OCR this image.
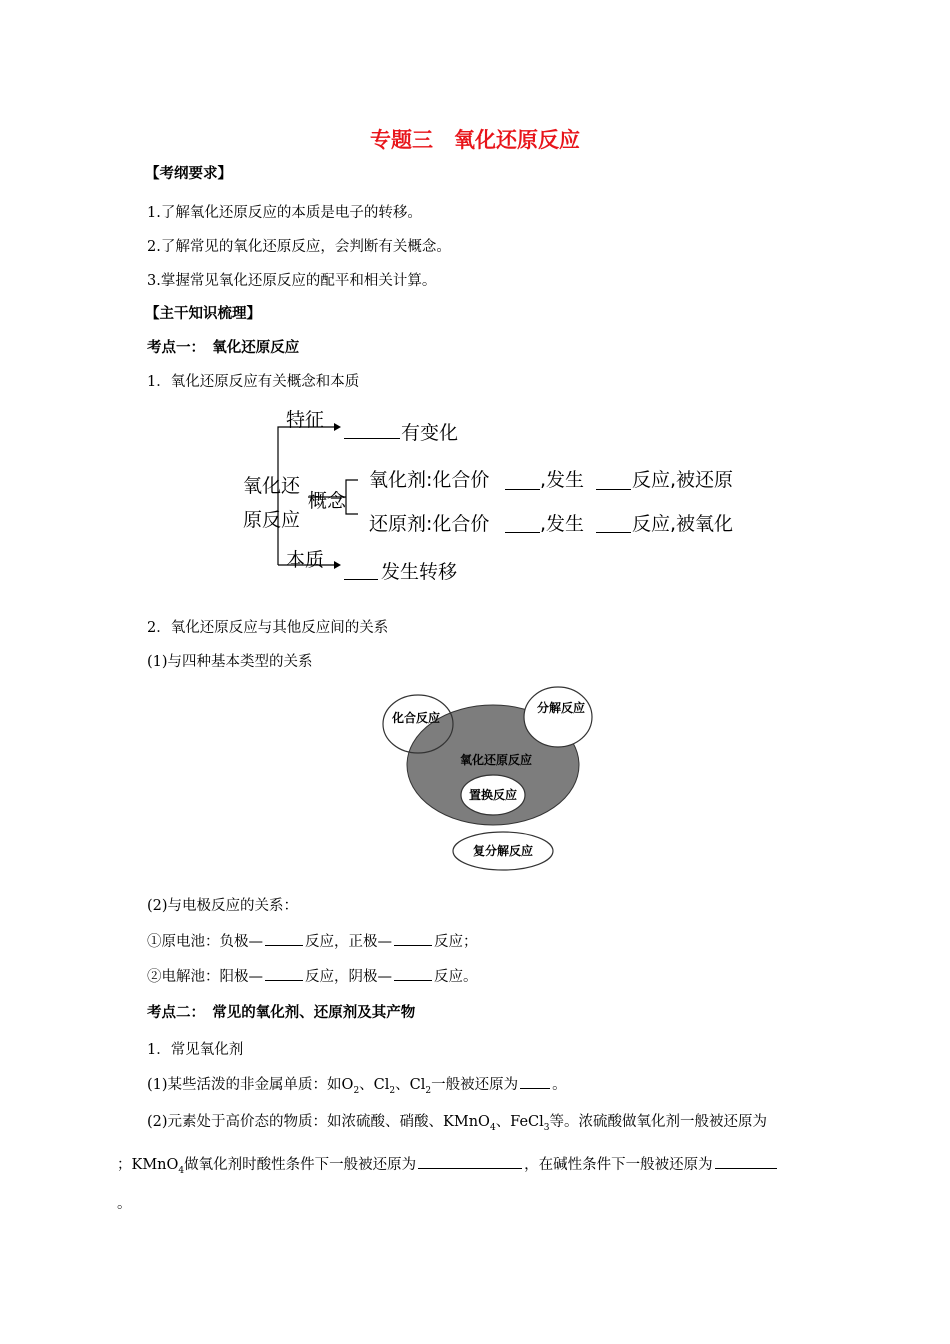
专题三　氧化还原反应
【考纲要求】
1.了解氧化还原反应的本质是电子的转移。
2.了解常见的氧化还原反应，会判断有关概念。
3.掌握常见氧化还原反应的配平和相关计算。
【主干知识梳理】
考点一：　氧化还原反应
1．氧化还原反应有关概念和本质
氧化还
原反应
特征
有变化
概念
氧化剂:化合价	,发生	反应,被还原
还原剂:化合价	,发生	反应,被氧化
本质
发生转移
2．氧化还原反应与其他反应间的关系
(1)与四种基本类型的关系
化合反应
分解反应
氧化还原反应
置换反应
复分解反应
(2)与电极反应的关系：
①原电池：负极—	反应，正极—	反应；
②电解池：阳极—	反应，阴极—	反应。
考点二：　常见的氧化剂、还原剂及其产物
1．常见氧化剂
(1)某些活泼的非金属单质：如$O_2$、$Cl_2$、$Cl_2$一般被还原为 。
(2)元素处于高价态的物质：如浓硫酸、硝酸、KMnO$_4$、FeCl$_3$等。浓硫酸做氧化剂一般被还原为
；KMnO$_4$做氧化剂时酸性条件下一般被还原为	，在碱性条件下一般被还原为
。
